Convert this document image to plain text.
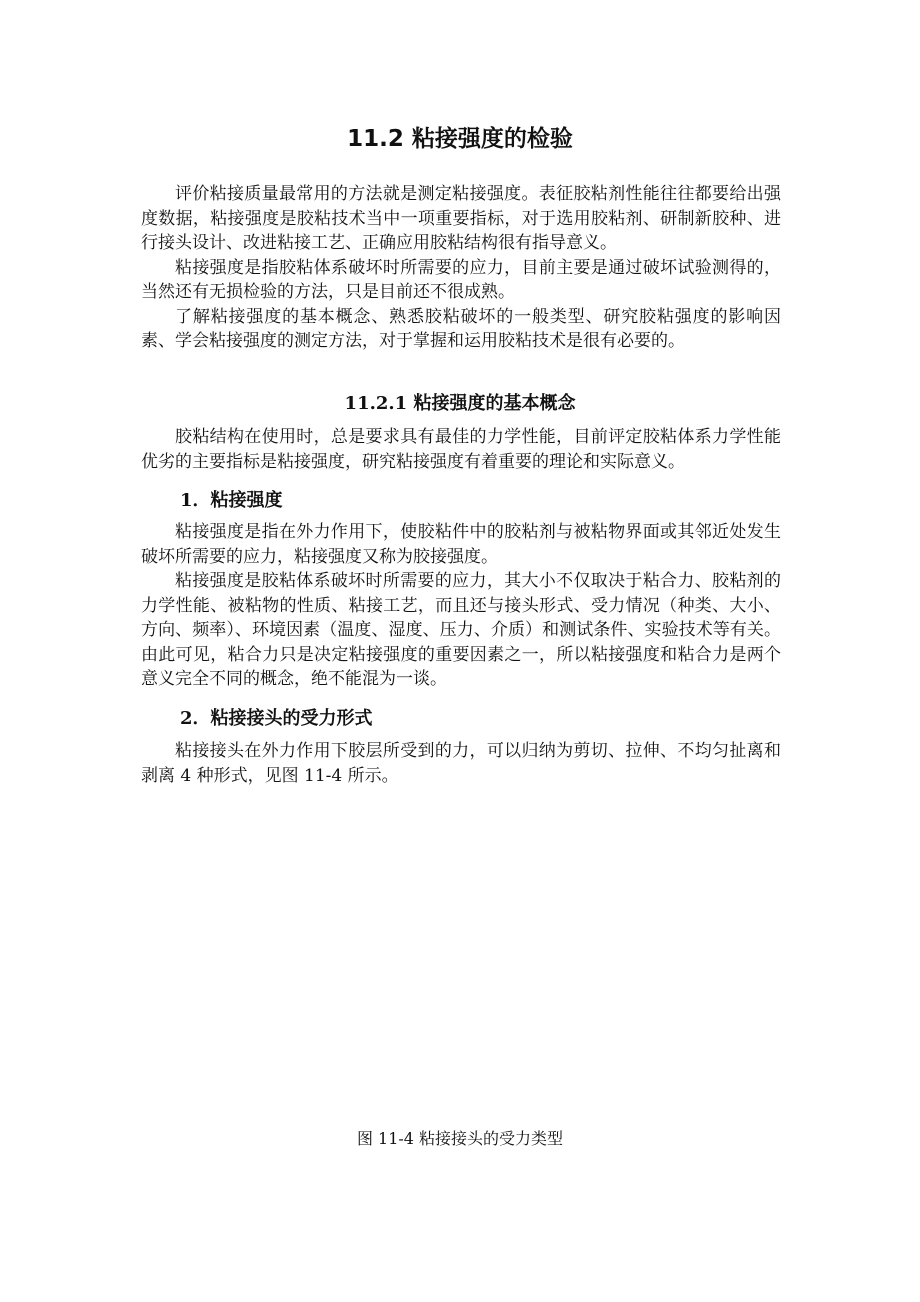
11.2 粘接强度的检验

评价粘接质量最常用的方法就是测定粘接强度。表征胶粘剂性能往往都要给出强度数据，粘接强度是胶粘技术当中一项重要指标，对于选用胶粘剂、研制新胶种、进行接头设计、改进粘接工艺、正确应用胶粘结构很有指导意义。

粘接强度是指胶粘体系破坏时所需要的应力，目前主要是通过破坏试验测得的，当然还有无损检验的方法，只是目前还不很成熟。

了解粘接强度的基本概念、熟悉胶粘破坏的一般类型、研究胶粘强度的影响因素、学会粘接强度的测定方法，对于掌握和运用胶粘技术是很有必要的。

11.2.1 粘接强度的基本概念

胶粘结构在使用时，总是要求具有最佳的力学性能，目前评定胶粘体系力学性能优劣的主要指标是粘接强度，研究粘接强度有着重要的理论和实际意义。

1．粘接强度

粘接强度是指在外力作用下，使胶粘件中的胶粘剂与被粘物界面或其邻近处发生破坏所需要的应力，粘接强度又称为胶接强度。

粘接强度是胶粘体系破坏时所需要的应力，其大小不仅取决于粘合力、胶粘剂的力学性能、被粘物的性质、粘接工艺，而且还与接头形式、受力情况（种类、大小、方向、频率）、环境因素（温度、湿度、压力、介质）和测试条件、实验技术等有关。由此可见，粘合力只是决定粘接强度的重要因素之一，所以粘接强度和粘合力是两个意义完全不同的概念，绝不能混为一谈。

2．粘接接头的受力形式

粘接接头在外力作用下胶层所受到的力，可以归纳为剪切、拉伸、不均匀扯离和剥离 4 种形式，见图 11-4 所示。

图 11-4 粘接接头的受力类型
